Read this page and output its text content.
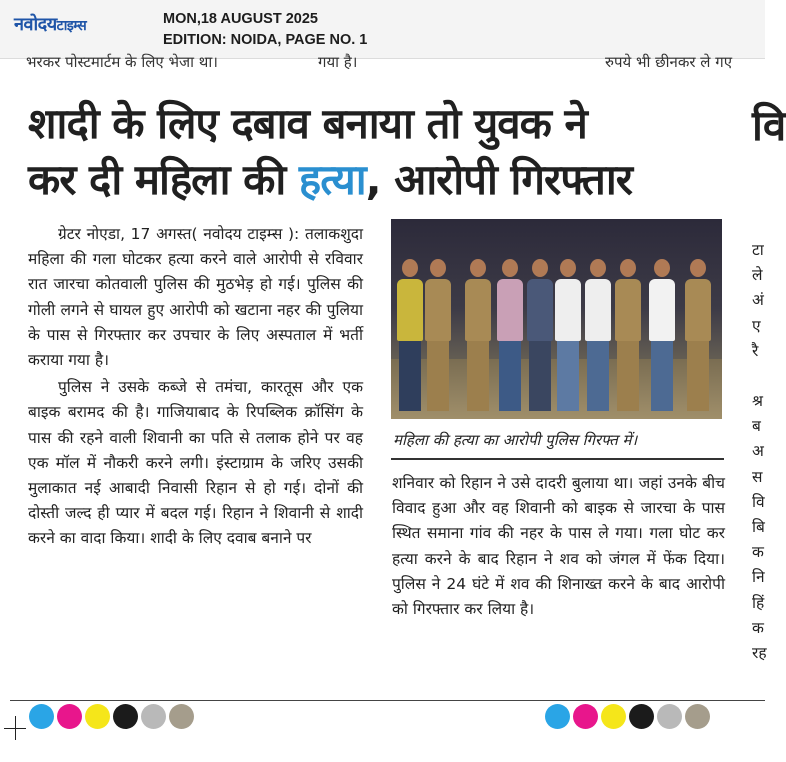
नवोदयटाइम्स	MON,18 AUGUST 2025
EDITION: NOIDA, PAGE NO. 1
भरकर पोस्टमार्टम के लिए भेजा था।	गया है।	रुपये भी छीनकर ले गए
शादी के लिए दबाव बनाया तो युवक ने
कर दी महिला की हत्या, आरोपी गिरफ्तार
वि

ग्रेटर नोएडा, 17 अगस्त( नवोदय टाइम्स ): तलाकशुदा महिला की गला घोटकर हत्या करने वाले आरोपी से रविवार रात जारचा कोतवाली पुलिस की मुठभेड़ हो गई। पुलिस की गोली लगने से घायल हुए आरोपी को खटाना नहर की पुलिया के पास से गिरफ्तार कर उपचार के लिए अस्पताल में भर्ती कराया गया है।

पुलिस ने उसके कब्जे से तमंचा, कारतूस और एक बाइक बरामद की है। गाजियाबाद के रिपब्लिक क्रॉसिंग के पास की रहने वाली शिवानी का पति से तलाक होने पर वह एक मॉल में नौकरी करने लगी। इंस्टाग्राम के जरिए उसकी मुलाकात नई आबादी निवासी रिहान से हो गई। दोनों की दोस्ती जल्द ही प्यार में बदल गई। रिहान ने शिवानी से शादी करने का वादा किया। शादी के लिए दवाब बनाने पर

महिला की हत्या का आरोपी पुलिस गिरफ्त में।

शनिवार को रिहान ने उसे दादरी बुलाया था। जहां उनके बीच विवाद हुआ और वह शिवानी को बाइक से जारचा के पास स्थित समाना गांव की नहर के पास ले गया। गला घोट कर हत्या करने के बाद रिहान ने शव को जंगल में फेंक दिया। पुलिस ने 24 घंटे में शव की शिनाख्त करने के बाद आरोपी को गिरफ्तार कर लिया है।

टा
ले
अं
ए
रै
श्र
ब
अ
स
वि
बि
क
नि
हिं
क
रह
